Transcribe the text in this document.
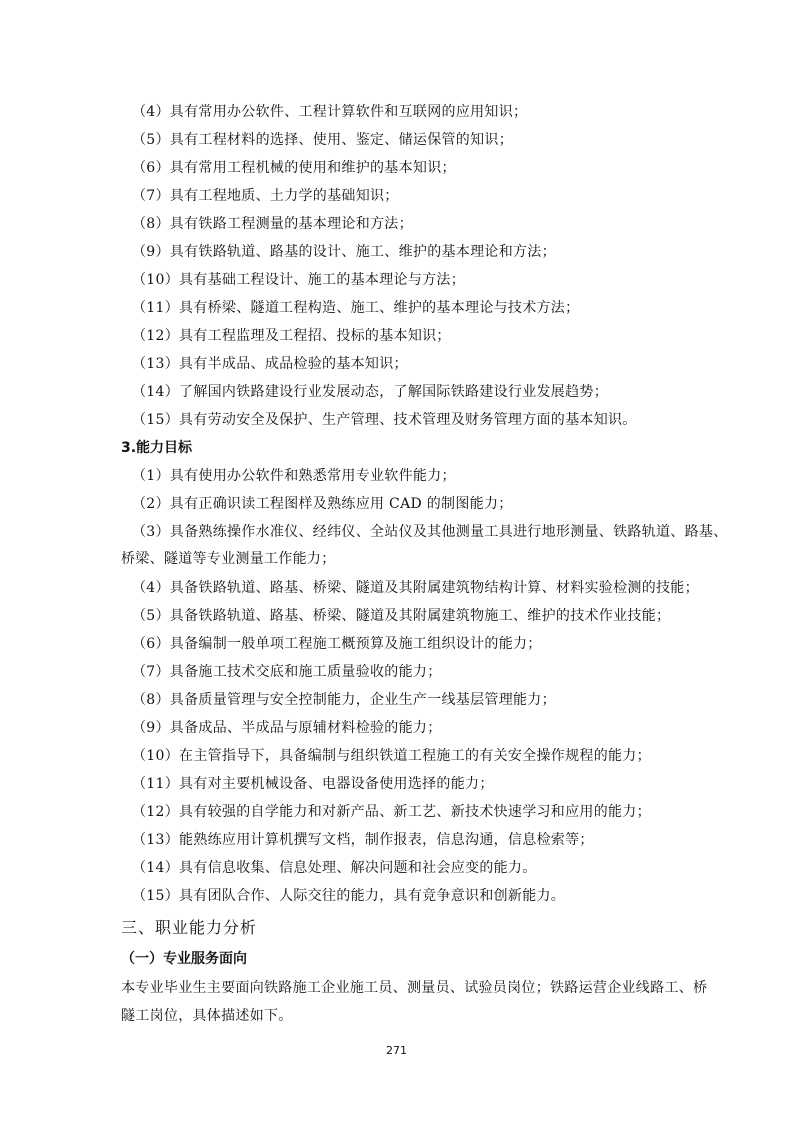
（4）具有常用办公软件、工程计算软件和互联网的应用知识；
（5）具有工程材料的选择、使用、鉴定、储运保管的知识；
（6）具有常用工程机械的使用和维护的基本知识；
（7）具有工程地质、土力学的基础知识；
（8）具有铁路工程测量的基本理论和方法；
（9）具有铁路轨道、路基的设计、施工、维护的基本理论和方法；
（10）具有基础工程设计、施工的基本理论与方法；
（11）具有桥梁、隧道工程构造、施工、维护的基本理论与技术方法；
（12）具有工程监理及工程招、投标的基本知识；
（13）具有半成品、成品检验的基本知识；
（14）了解国内铁路建设行业发展动态，了解国际铁路建设行业发展趋势；
（15）具有劳动安全及保护、生产管理、技术管理及财务管理方面的基本知识。
3.能力目标
（1）具有使用办公软件和熟悉常用专业软件能力；
（2）具有正确识读工程图样及熟练应用 CAD 的制图能力；
（3）具备熟练操作水准仪、经纬仪、全站仪及其他测量工具进行地形测量、铁路轨道、路基、
桥梁、隧道等专业测量工作能力；
（4）具备铁路轨道、路基、桥梁、隧道及其附属建筑物结构计算、材料实验检测的技能；
（5）具备铁路轨道、路基、桥梁、隧道及其附属建筑物施工、维护的技术作业技能；
（6）具备编制一般单项工程施工概预算及施工组织设计的能力；
（7）具备施工技术交底和施工质量验收的能力；
（8）具备质量管理与安全控制能力，企业生产一线基层管理能力；
（9）具备成品、半成品与原辅材料检验的能力；
（10）在主管指导下，具备编制与组织铁道工程施工的有关安全操作规程的能力；
（11）具有对主要机械设备、电器设备使用选择的能力；
（12）具有较强的自学能力和对新产品、新工艺、新技术快速学习和应用的能力；
（13）能熟练应用计算机撰写文档，制作报表，信息沟通，信息检索等；
（14）具有信息收集、信息处理、解决问题和社会应变的能力。
（15）具有团队合作、人际交往的能力，具有竞争意识和创新能力。
三、职业能力分析
（一）专业服务面向
本专业毕业生主要面向铁路施工企业施工员、测量员、试验员岗位；铁路运营企业线路工、桥
隧工岗位，具体描述如下。
271
